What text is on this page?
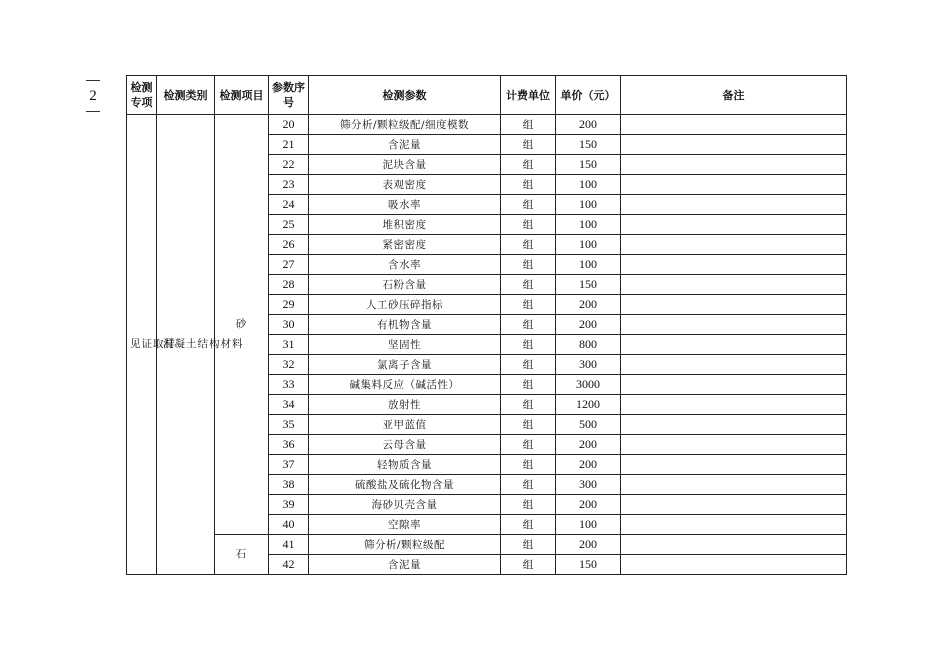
2
检测专项	检测类别	检测项目	参数序号	检测参数	计费单位	单价（元）	备注
见证取样	混凝土结构材料	砂	20	筛分析/颗粒级配/细度模数	组	200	
			21	含泥量	组	150	
			22	泥块含量	组	150	
			23	表观密度	组	100	
			24	吸水率	组	100	
			25	堆积密度	组	100	
			26	紧密密度	组	100	
			27	含水率	组	100	
			28	石粉含量	组	150	
			29	人工砂压碎指标	组	200	
			30	有机物含量	组	200	
			31	坚固性	组	800	
			32	氯离子含量	组	300	
			33	碱集料反应（碱活性）	组	3000	
			34	放射性	组	1200	
			35	亚甲蓝值	组	500	
			36	云母含量	组	200	
			37	轻物质含量	组	200	
			38	硫酸盐及硫化物含量	组	300	
			39	海砂贝壳含量	组	200	
			40	空隙率	组	100	
		石	41	筛分析/颗粒级配	组	200	
			42	含泥量	组	150	
